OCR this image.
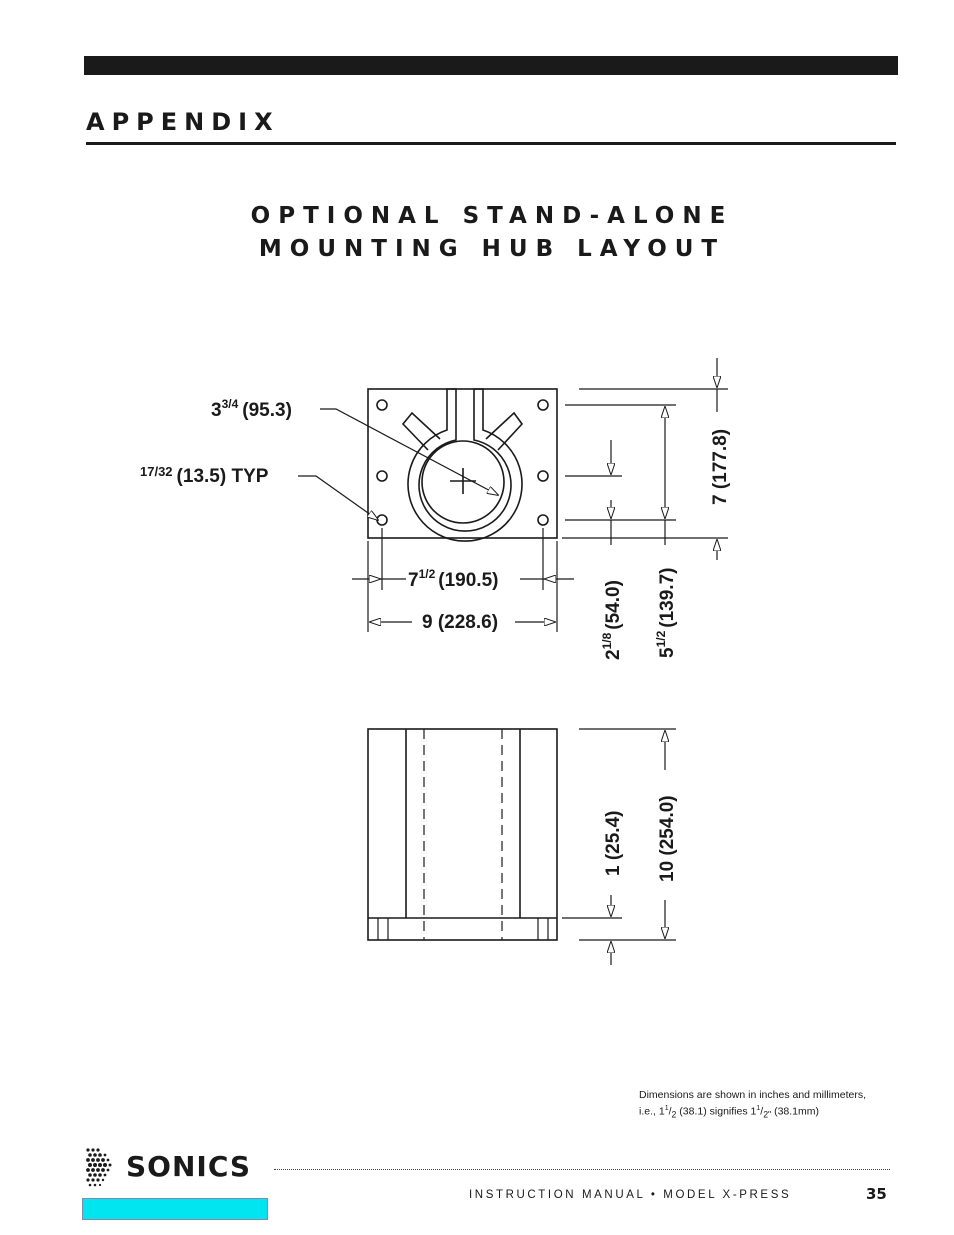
APPENDIX
OPTIONAL STAND-ALONE
MOUNTING HUB LAYOUT
$3^{3/4}$ (95.3)
$^{17/32}$ (13.5) TYP
$7^{1/2}$ (190.5)
9 (228.6)
7 (177.8)
$2^{1/8}(54.0)$
$5^{1/2}(139.7)$
1 (25.4) 10 (254.0)
Dimensions are shown in inches and millimeters,
i.e., $1^1/_2$ (38.1) signifies $1^1/_{2"}$ (38.1mm)
SONICS
INSTRUCTION MANUAL • MODEL X-PRESS	35
